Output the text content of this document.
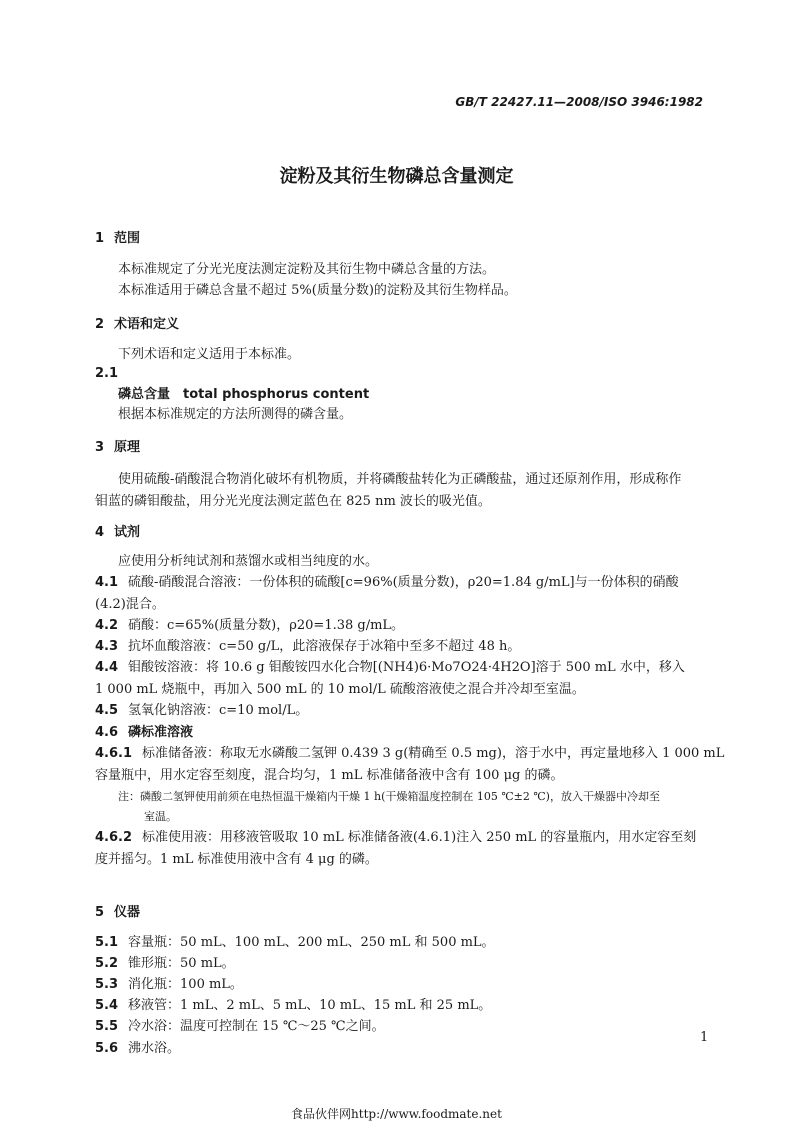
GB/T 22427.11—2008/ISO 3946:1982
淀粉及其衍生物磷总含量测定
1 范围
本标准规定了分光光度法测定淀粉及其衍生物中磷总含量的方法。
本标准适用于磷总含量不超过 5%(质量分数)的淀粉及其衍生物样品。
2 术语和定义
下列术语和定义适用于本标准。
2.1
磷总含量　total phosphorus content
根据本标准规定的方法所测得的磷含量。
3 原理
使用硫酸-硝酸混合物消化破坏有机物质，并将磷酸盐转化为正磷酸盐，通过还原剂作用，形成称作
钼蓝的磷钼酸盐，用分光光度法测定蓝色在 825 nm 波长的吸光值。
4 试剂
应使用分析纯试剂和蒸馏水或相当纯度的水。
4.1 硫酸-硝酸混合溶液：一份体积的硫酸[c=96%(质量分数)，ρ20=1.84 g/mL]与一份体积的硝酸
(4.2)混合。
4.2 硝酸：c=65%(质量分数)，ρ20=1.38 g/mL。
4.3 抗坏血酸溶液：c=50 g/L，此溶液保存于冰箱中至多不超过 48 h。
4.4 钼酸铵溶液：将 10.6 g 钼酸铵四水化合物[(NH4)6·Mo7O24·4H2O]溶于 500 mL 水中，移入
1 000 mL 烧瓶中，再加入 500 mL 的 10 mol/L 硫酸溶液使之混合并冷却至室温。
4.5 氢氧化钠溶液：c=10 mol/L。
4.6 磷标准溶液
4.6.1 标准储备液：称取无水磷酸二氢钾 0.439 3 g(精确至 0.5 mg)，溶于水中，再定量地移入 1 000 mL
容量瓶中，用水定容至刻度，混合均匀，1 mL 标准储备液中含有 100 μg 的磷。
注：磷酸二氢钾使用前须在电热恒温干燥箱内干燥 1 h(干燥箱温度控制在 105 ℃±2 ℃)，放入干燥器中冷却至
室温。
4.6.2 标准使用液：用移液管吸取 10 mL 标准储备液(4.6.1)注入 250 mL 的容量瓶内，用水定容至刻
度并摇匀。1 mL 标准使用液中含有 4 μg 的磷。
5 仪器
5.1 容量瓶：50 mL、100 mL、200 mL、250 mL 和 500 mL。
5.2 锥形瓶：50 mL。
5.3 消化瓶：100 mL。
5.4 移液管：1 mL、2 mL、5 mL、10 mL、15 mL 和 25 mL。
5.5 冷水浴：温度可控制在 15 ℃～25 ℃之间。
5.6 沸水浴。
1
食品伙伴网http://www.foodmate.net
